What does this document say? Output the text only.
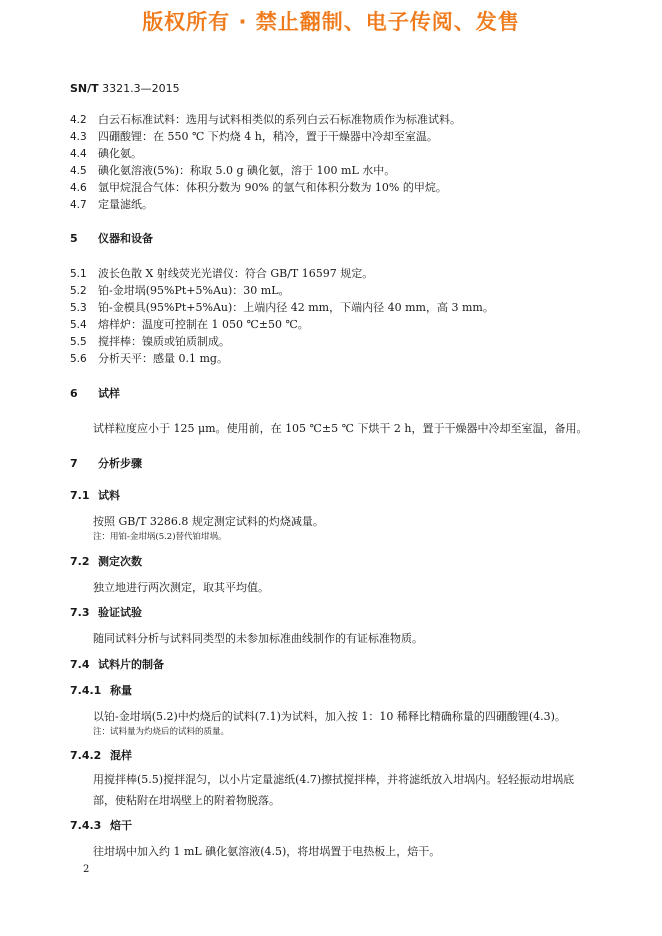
版权所有 · 禁止翻制、电子传阅、发售
SN/T 3321.3—2015
4.2 白云石标准试料：选用与试料相类似的系列白云石标准物质作为标准试料。
4.3 四硼酸锂：在 550 ℃ 下灼烧 4 h，稍冷，置于干燥器中冷却至室温。
4.4 碘化氨。
4.5 碘化氨溶液(5%)：称取 5.0 g 碘化氨，溶于 100 mL 水中。
4.6 氩甲烷混合气体：体积分数为 90% 的氩气和体积分数为 10% 的甲烷。
4.7 定量滤纸。
5 仪器和设备
5.1 波长色散 X 射线荧光光谱仪：符合 GB/T 16597 规定。
5.2 铂-金坩埚(95%Pt+5%Au)：30 mL。
5.3 铂-金模具(95%Pt+5%Au)：上端内径 42 mm，下端内径 40 mm，高 3 mm。
5.4 熔样炉：温度可控制在 1 050 ℃±50 ℃。
5.5 搅拌棒：镍质或铂质制成。
5.6 分析天平：感量 0.1 mg。
6 试样
试样粒度应小于 125 μm。使用前，在 105 ℃±5 ℃ 下烘干 2 h，置于干燥器中冷却至室温，备用。
7 分析步骤
7.1 试料
按照 GB/T 3286.8 规定测定试料的灼烧减量。
注：用铂-金坩埚(5.2)替代铂坩埚。
7.2 测定次数
独立地进行两次测定，取其平均值。
7.3 验证试验
随同试料分析与试料同类型的未参加标准曲线制作的有证标准物质。
7.4 试料片的制备
7.4.1 称量
以铂-金坩埚(5.2)中灼烧后的试料(7.1)为试料，加入按 1：10 稀释比精确称量的四硼酸锂(4.3)。
注：试料量为灼烧后的试料的质量。
7.4.2 混样
用搅拌棒(5.5)搅拌混匀，以小片定量滤纸(4.7)擦拭搅拌棒，并将滤纸放入坩埚内。轻轻振动坩埚底部，使粘附在坩埚壁上的附着物脱落。
7.4.3 焙干
往坩埚中加入约 1 mL 碘化氨溶液(4.5)，将坩埚置于电热板上，焙干。
2
